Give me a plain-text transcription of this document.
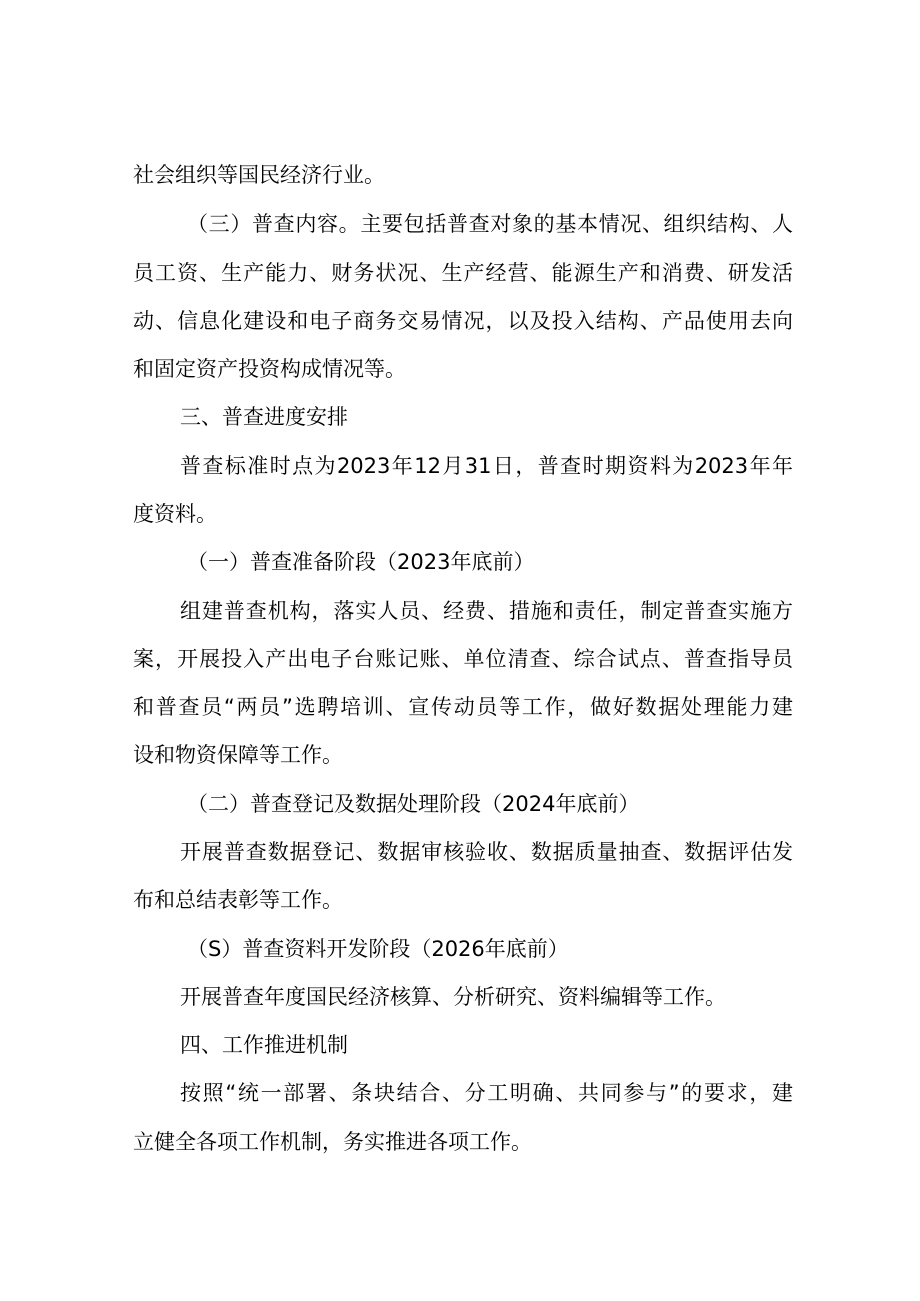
社会组织等国民经济行业。
（三）普查内容。主要包括普查对象的基本情况、组织结构、人
员工资、生产能力、财务状况、生产经营、能源生产和消费、研发活
动、信息化建设和电子商务交易情况，以及投入结构、产品使用去向
和固定资产投资构成情况等。
三、普查进度安排
普查标准时点为2023年12月31日，普查时期资料为2023年年
度资料。
（一）普查准备阶段（2023年底前）
组建普查机构，落实人员、经费、措施和责任，制定普查实施方
案，开展投入产出电子台账记账、单位清查、综合试点、普查指导员
和普查员“两员”选聘培训、宣传动员等工作，做好数据处理能力建
设和物资保障等工作。
（二）普查登记及数据处理阶段（2024年底前）
开展普查数据登记、数据审核验收、数据质量抽查、数据评估发
布和总结表彰等工作。
（S）普查资料开发阶段（2026年底前）
开展普查年度国民经济核算、分析研究、资料编辑等工作。
四、工作推进机制
按照“统一部署、条块结合、分工明确、共同参与”的要求，建
立健全各项工作机制，务实推进各项工作。
